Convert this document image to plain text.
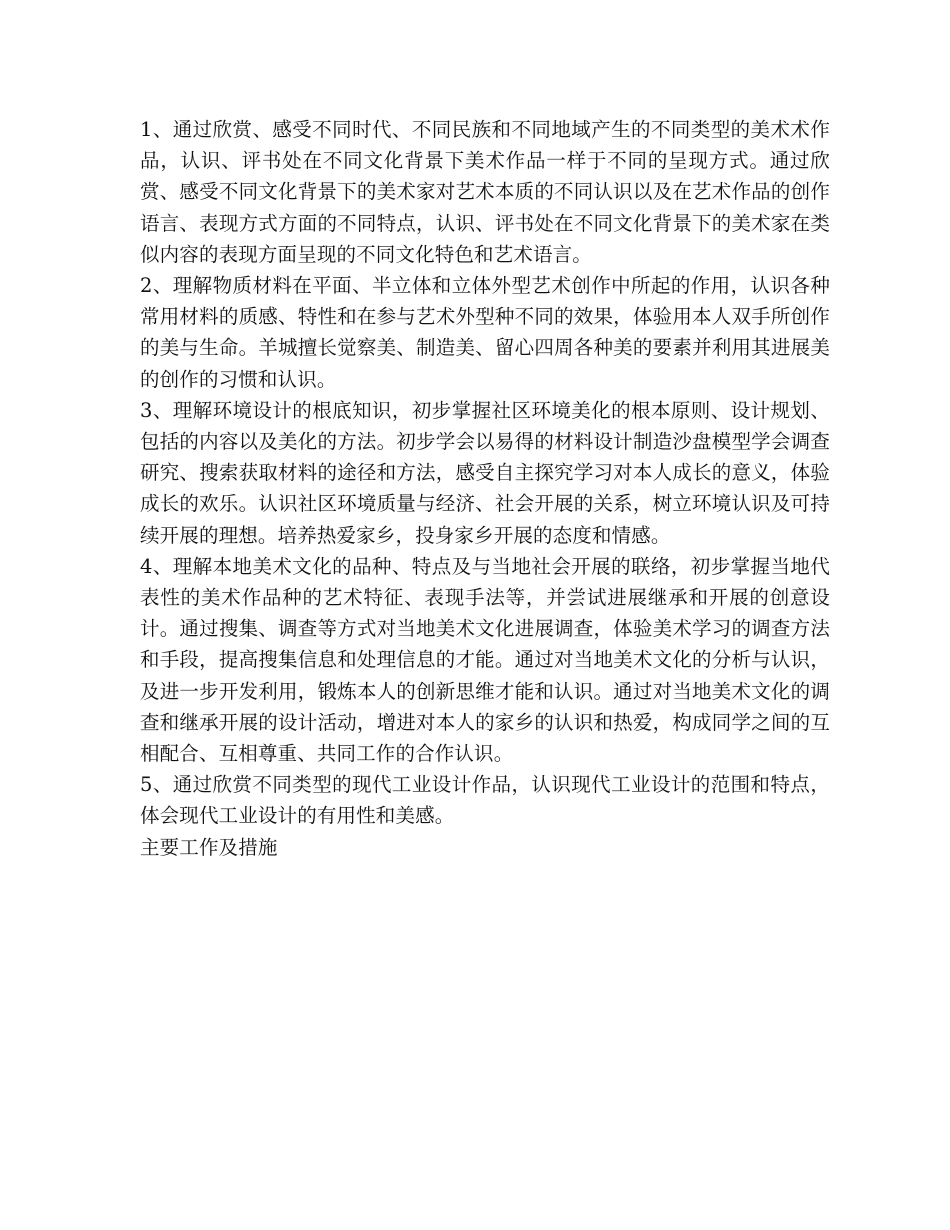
1、通过欣赏、感受不同时代、不同民族和不同地域产生的不同类型的美术术作品，认识、评书处在不同文化背景下美术作品一样于不同的呈现方式。通过欣赏、感受不同文化背景下的美术家对艺术本质的不同认识以及在艺术作品的创作语言、表现方式方面的不同特点，认识、评书处在不同文化背景下的美术家在类似内容的表现方面呈现的不同文化特色和艺术语言。

2、理解物质材料在平面、半立体和立体外型艺术创作中所起的作用，认识各种常用材料的质感、特性和在参与艺术外型种不同的效果，体验用本人双手所创作的美与生命。羊城擅长觉察美、制造美、留心四周各种美的要素并利用其进展美的创作的习惯和认识。

3、理解环境设计的根底知识，初步掌握社区环境美化的根本原则、设计规划、包括的内容以及美化的方法。初步学会以易得的材料设计制造沙盘模型学会调查研究、搜索获取材料的途径和方法，感受自主探究学习对本人成长的意义，体验成长的欢乐。认识社区环境质量与经济、社会开展的关系，树立环境认识及可持续开展的理想。培养热爱家乡，投身家乡开展的态度和情感。

4、理解本地美术文化的品种、特点及与当地社会开展的联络，初步掌握当地代表性的美术作品种的艺术特征、表现手法等，并尝试进展继承和开展的创意设计。通过搜集、调查等方式对当地美术文化进展调查，体验美术学习的调查方法和手段，提高搜集信息和处理信息的才能。通过对当地美术文化的分析与认识，及进一步开发利用，锻炼本人的创新思维才能和认识。通过对当地美术文化的调查和继承开展的设计活动，增进对本人的家乡的认识和热爱，构成同学之间的互相配合、互相尊重、共同工作的合作认识。

5、通过欣赏不同类型的现代工业设计作品，认识现代工业设计的范围和特点，体会现代工业设计的有用性和美感。

主要工作及措施
